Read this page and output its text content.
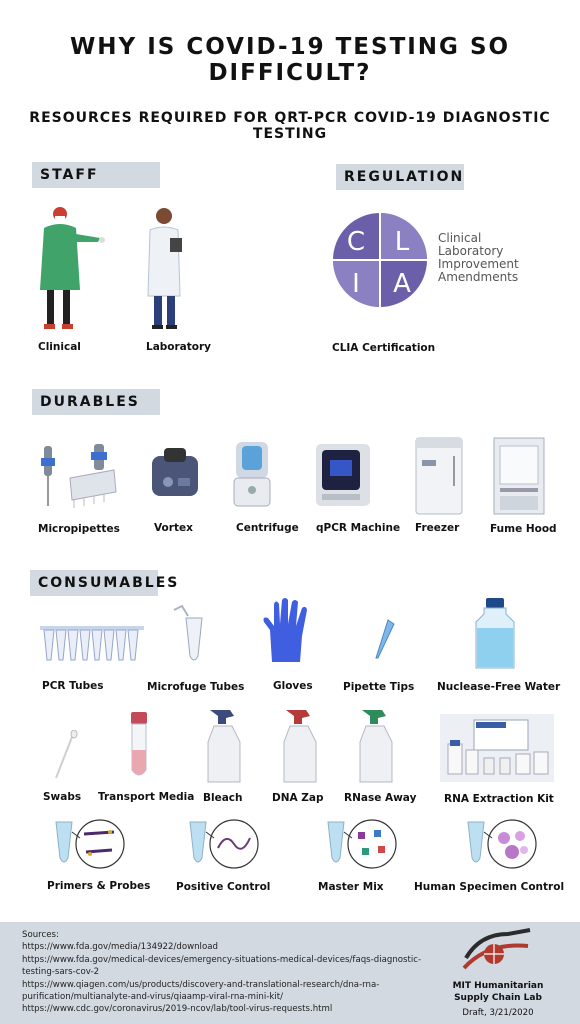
WHY IS COVID-19 TESTING SO DIFFICULT?
RESOURCES REQUIRED FOR QRT-PCR COVID-19 DIAGNOSTIC TESTING
STAFF	REGULATION
DURABLES
CONSUMABLES
Clinical	Laboratory
C L
I A
Clinical
Laboratory
Improvement
Amendments
CLIA Certification
Micropipettes	Vortex	Centrifuge qPCR Machine Freezer	Fume Hood
PCR Tubes	Microfuge Tubes	Gloves	Pipette Tips Nuclease-Free Water
Swabs Transport Media Bleach	DNA Zap RNase Away	RNA Extraction Kit
Primers & Probes Positive Control	Master Mix	Human Specimen Control
Sources:
https://www.fda.gov/media/134922/download
https://www.fda.gov/medical-devices/emergency-situations-medical-devices/faqs-diagnostic-
testing-sars-cov-2
https://www.qiagen.com/us/products/discovery-and-translational-research/dna-rna-
purification/multianalyte-and-virus/qiaamp-viral-rna-mini-kit/
https://www.cdc.gov/coronavirus/2019-ncov/lab/tool-virus-requests.html
MIT Humanitarian
Supply Chain Lab
Draft, 3/21/2020
